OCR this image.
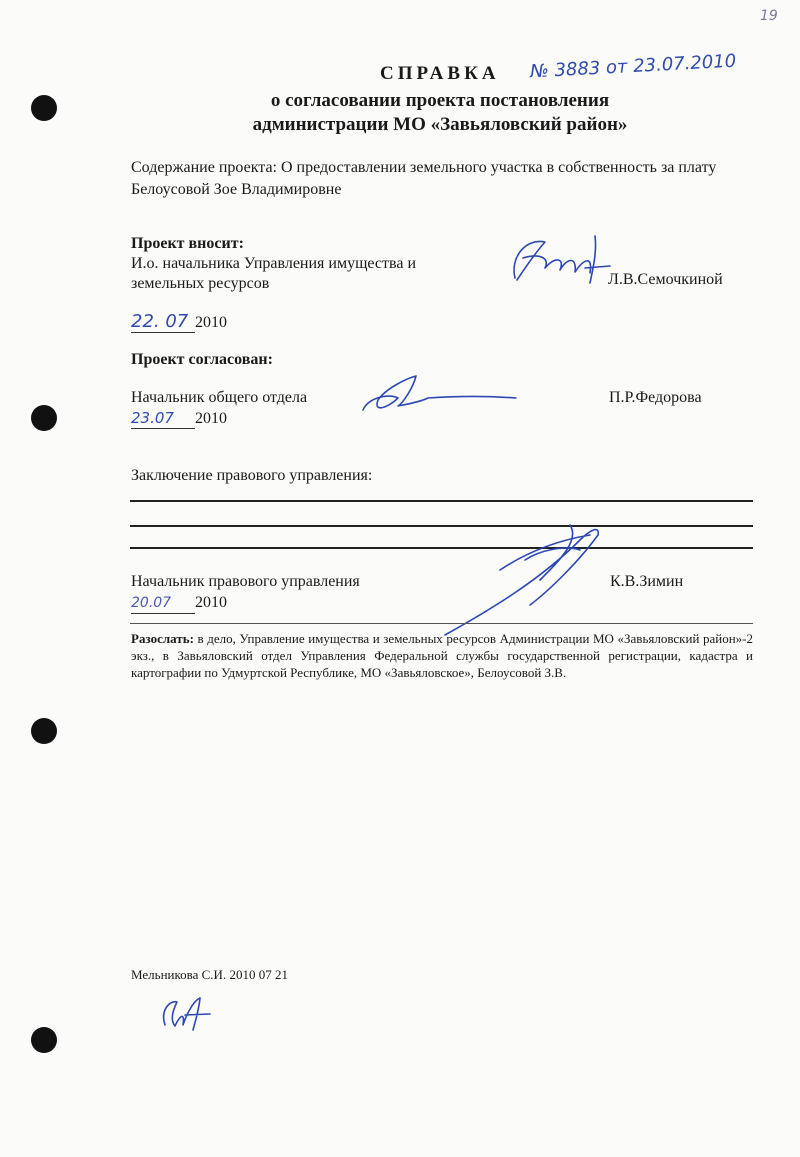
19
СПРАВКА № 3883 от 23.07.2010
о согласовании проекта постановления
администрации МО «Завьяловский район»
Содержание проекта: О предоставлении земельного участка в собственность за плату
Белоусовой Зое Владимировне
Проект вносит:
И.о. начальника Управления имущества и
земельных ресурсов	Л.В.Семочкиной
22. 07 2010
Проект согласован:
Начальник общего отдела	П.Р.Федорова
23.07 2010
Заключение правового управления:
Начальник правового управления	К.В.Зимин
20.07 2010
Разослать: в дело, Управление имущества и земельных ресурсов Администрации МО «Завьяловский район»-2 экз., в Завьяловский отдел Управления Федеральной службы государственной регистрации, кадастра и картографии по Удмуртской Республике, МО «Завьяловское», Белоусовой З.В.
Мельникова С.И. 2010 07 21
